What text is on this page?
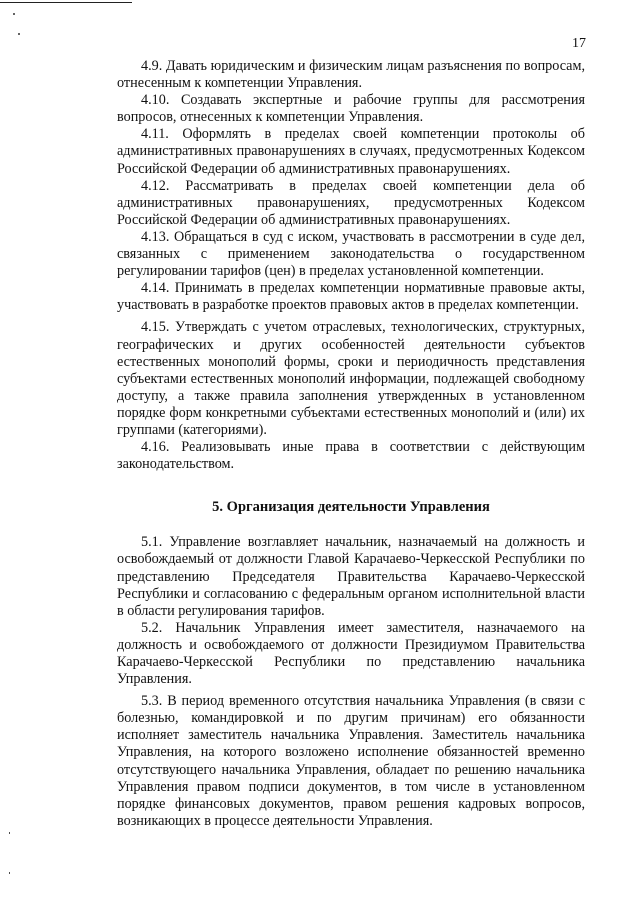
17

4.9. Давать юридическим и физическим лицам разъяснения по вопросам, отнесенным к компетенции Управления.

4.10. Создавать экспертные и рабочие группы для рассмотрения вопросов, отнесенных к компетенции Управления.

4.11. Оформлять в пределах своей компетенции протоколы об административных правонарушениях в случаях, предусмотренных Кодексом Российской Федерации об административных правонарушениях.

4.12. Рассматривать в пределах своей компетенции дела об административных правонарушениях, предусмотренных Кодексом Российской Федерации об административных правонарушениях.

4.13. Обращаться в суд с иском, участвовать в рассмотрении в суде дел, связанных с применением законодательства о государственном регулировании тарифов (цен) в пределах установленной компетенции.

4.14. Принимать в пределах компетенции нормативные правовые акты, участвовать в разработке проектов правовых актов в пределах компетенции.

4.15. Утверждать с учетом отраслевых, технологических, структурных, географических и других особенностей деятельности субъектов естественных монополий формы, сроки и периодичность представления субъектами естественных монополий информации, подлежащей свободному доступу, а также правила заполнения утвержденных в установленном порядке форм конкретными субъектами естественных монополий и (или) их группами (категориями).

4.16. Реализовывать иные права в соответствии с действующим законодательством.

5. Организация деятельности Управления

5.1. Управление возглавляет начальник, назначаемый на должность и освобождаемый от должности Главой Карачаево-Черкесской Республики по представлению Председателя Правительства Карачаево-Черкесской Республики и согласованию с федеральным органом исполнительной власти в области регулирования тарифов.

5.2. Начальник Управления имеет заместителя, назначаемого на должность и освобождаемого от должности Президиумом Правительства Карачаево-Черкесской Республики по представлению начальника Управления.

5.3. В период временного отсутствия начальника Управления (в связи с болезнью, командировкой и по другим причинам) его обязанности исполняет заместитель начальника Управления. Заместитель начальника Управления, на которого возложено исполнение обязанностей временно отсутствующего начальника Управления, обладает по решению начальника Управления правом подписи документов, в том числе в установленном порядке финансовых документов, правом решения кадровых вопросов, возникающих в процессе деятельности Управления.
